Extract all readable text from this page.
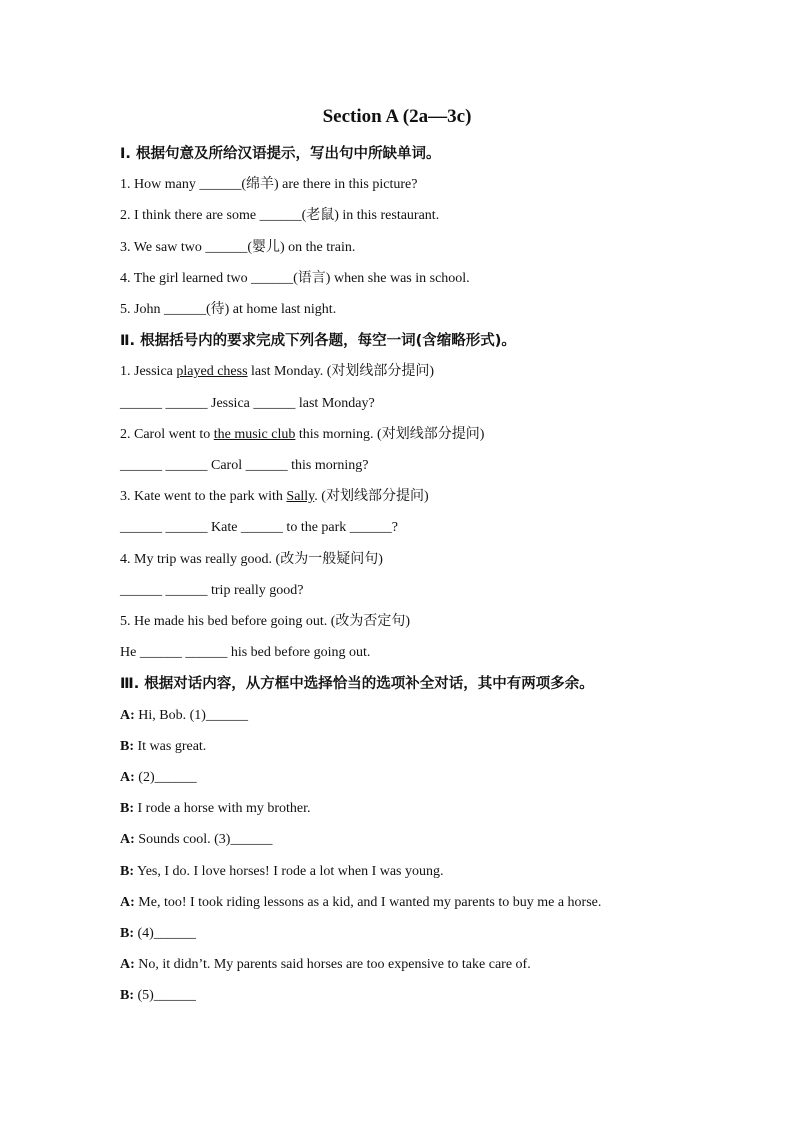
Section A (2a—3c)
Ⅰ. 根据句意及所给汉语提示，写出句中所缺单词。
1. How many ______(绵羊) are there in this picture?
2. I think there are some ______(老鼠) in this restaurant.
3. We saw two ______(婴儿) on the train.
4. The girl learned two ______(语言) when she was in school.
5. John ______(待) at home last night.
Ⅱ. 根据括号内的要求完成下列各题，每空一词(含缩略形式)。
1. Jessica played chess last Monday. (对划线部分提问)
______ ______ Jessica ______ last Monday?
2. Carol went to the music club this morning. (对划线部分提问)
______ ______ Carol ______ this morning?
3. Kate went to the park with Sally. (对划线部分提问)
______ ______ Kate ______ to the park ______?
4. My trip was really good. (改为一般疑问句)
______ ______ trip really good?
5. He made his bed before going out. (改为否定句)
He ______ ______ his bed before going out.
Ⅲ. 根据对话内容，从方框中选择恰当的选项补全对话，其中有两项多余。
A: Hi, Bob. (1)______
B: It was great.
A: (2)______
B: I rode a horse with my brother.
A: Sounds cool. (3)______
B: Yes, I do. I love horses! I rode a lot when I was young.
A: Me, too! I took riding lessons as a kid, and I wanted my parents to buy me a horse.
B: (4)______
A: No, it didn’t. My parents said horses are too expensive to take care of.
B: (5)______
